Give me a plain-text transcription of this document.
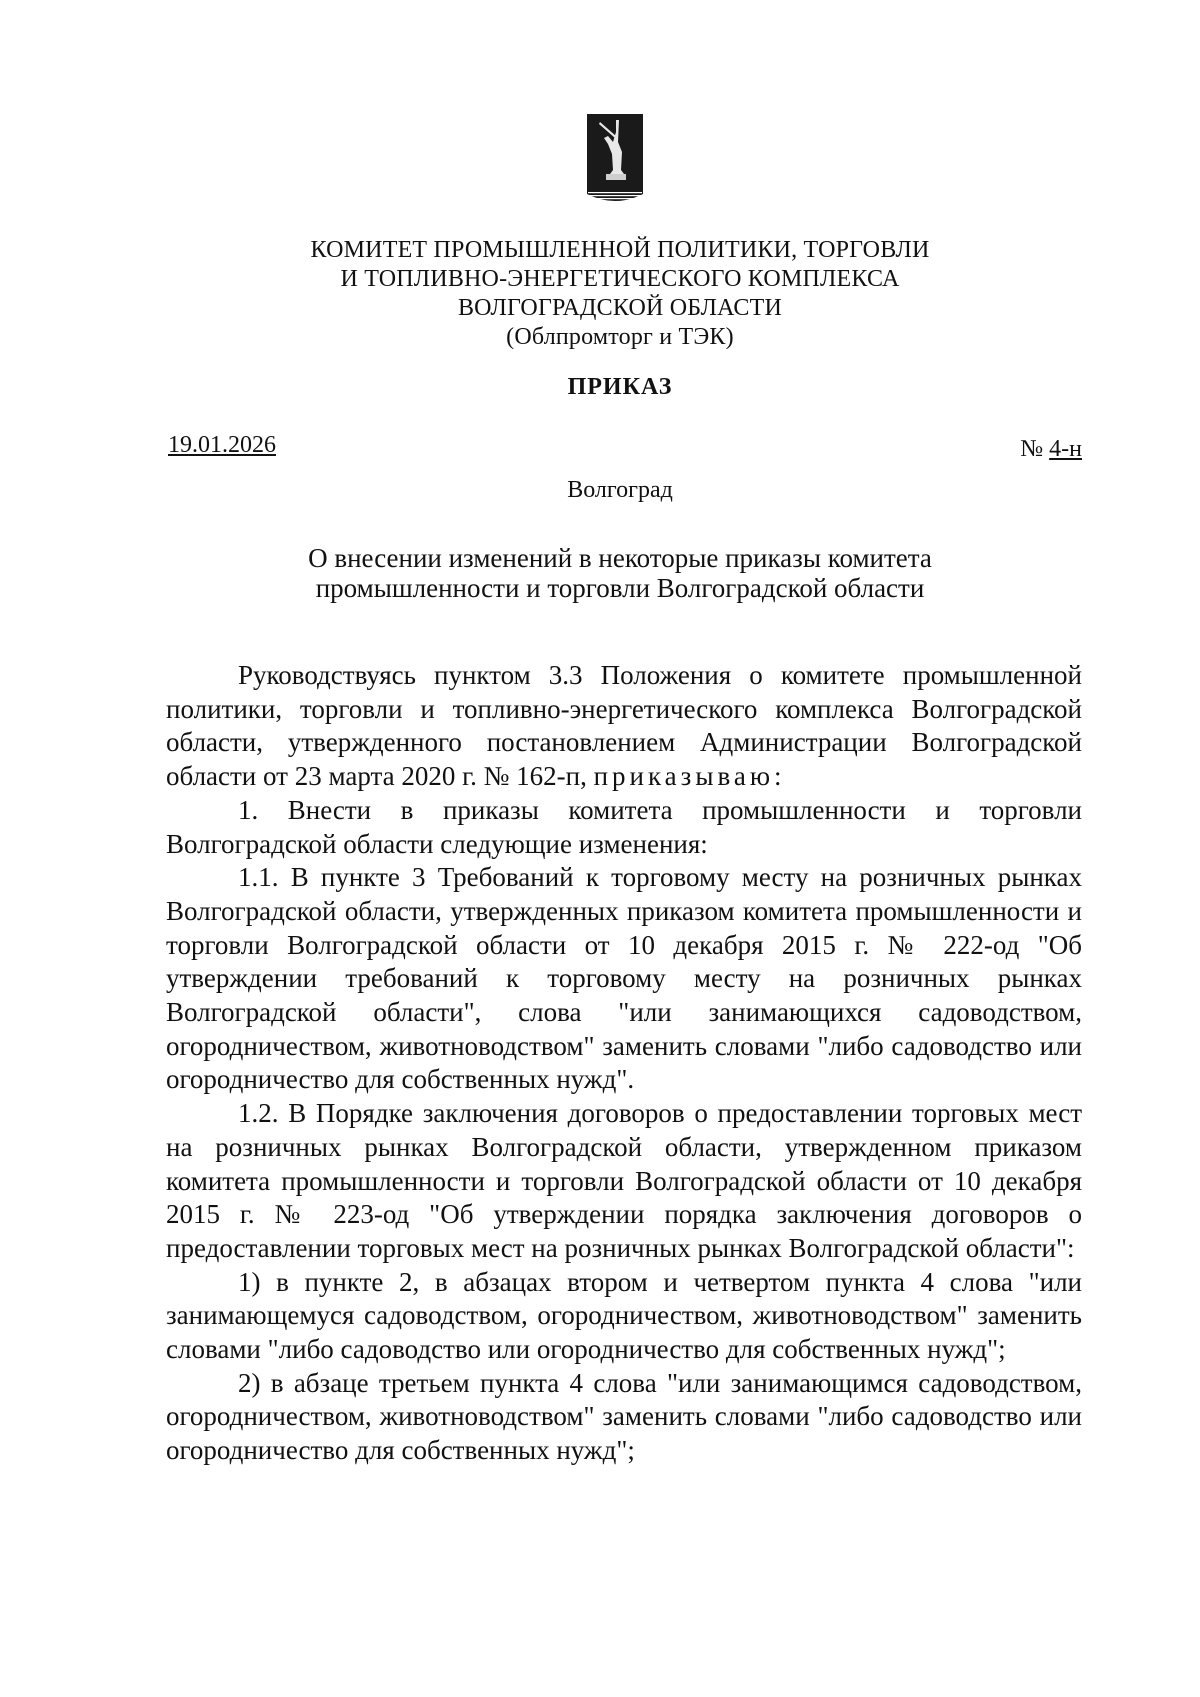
КОМИТЕТ ПРОМЫШЛЕННОЙ ПОЛИТИКИ, ТОРГОВЛИ
И ТОПЛИВНО-ЭНЕРГЕТИЧЕСКОГО КОМПЛЕКСА
ВОЛГОГРАДСКОЙ ОБЛАСТИ
(Облпромторг и ТЭК)
ПРИКАЗ
19.01.2026	№ 4-н
Волгоград
О внесении изменений в некоторые приказы комитета
промышленности и торговли Волгоградской области

Руководствуясь пунктом 3.3 Положения о комитете промышленной политики, торговли и топливно-энергетического комплекса Волгоградской области, утвержденного постановлением Администрации Волгоградской области от 23 марта 2020 г. № 162-п, приказываю:

1. Внести в приказы комитета промышленности и торговли Волгоградской области следующие изменения:

1.1. В пункте 3 Требований к торговому месту на розничных рынках Волгоградской области, утвержденных приказом комитета промышленности и торговли Волгоградской области от 10 декабря 2015 г. № 222-од "Об утверждении требований к торговому месту на розничных рынках Волгоградской области", слова "или занимающихся садоводством, огородничеством, животноводством" заменить словами "либо садоводство или огородничество для собственных нужд".

1.2. В Порядке заключения договоров о предоставлении торговых мест на розничных рынках Волгоградской области, утвержденном приказом комитета промышленности и торговли Волгоградской области от 10 декабря 2015 г. № 223-од "Об утверждении порядка заключения договоров о предоставлении торговых мест на розничных рынках Волгоградской области":

1) в пункте 2, в абзацах втором и четвертом пункта 4 слова "или занимающемуся садоводством, огородничеством, животноводством" заменить словами "либо садоводство или огородничество для собственных нужд";

2) в абзаце третьем пункта 4 слова "или занимающимся садоводством, огородничеством, животноводством" заменить словами "либо садоводство или огородничество для собственных нужд";
